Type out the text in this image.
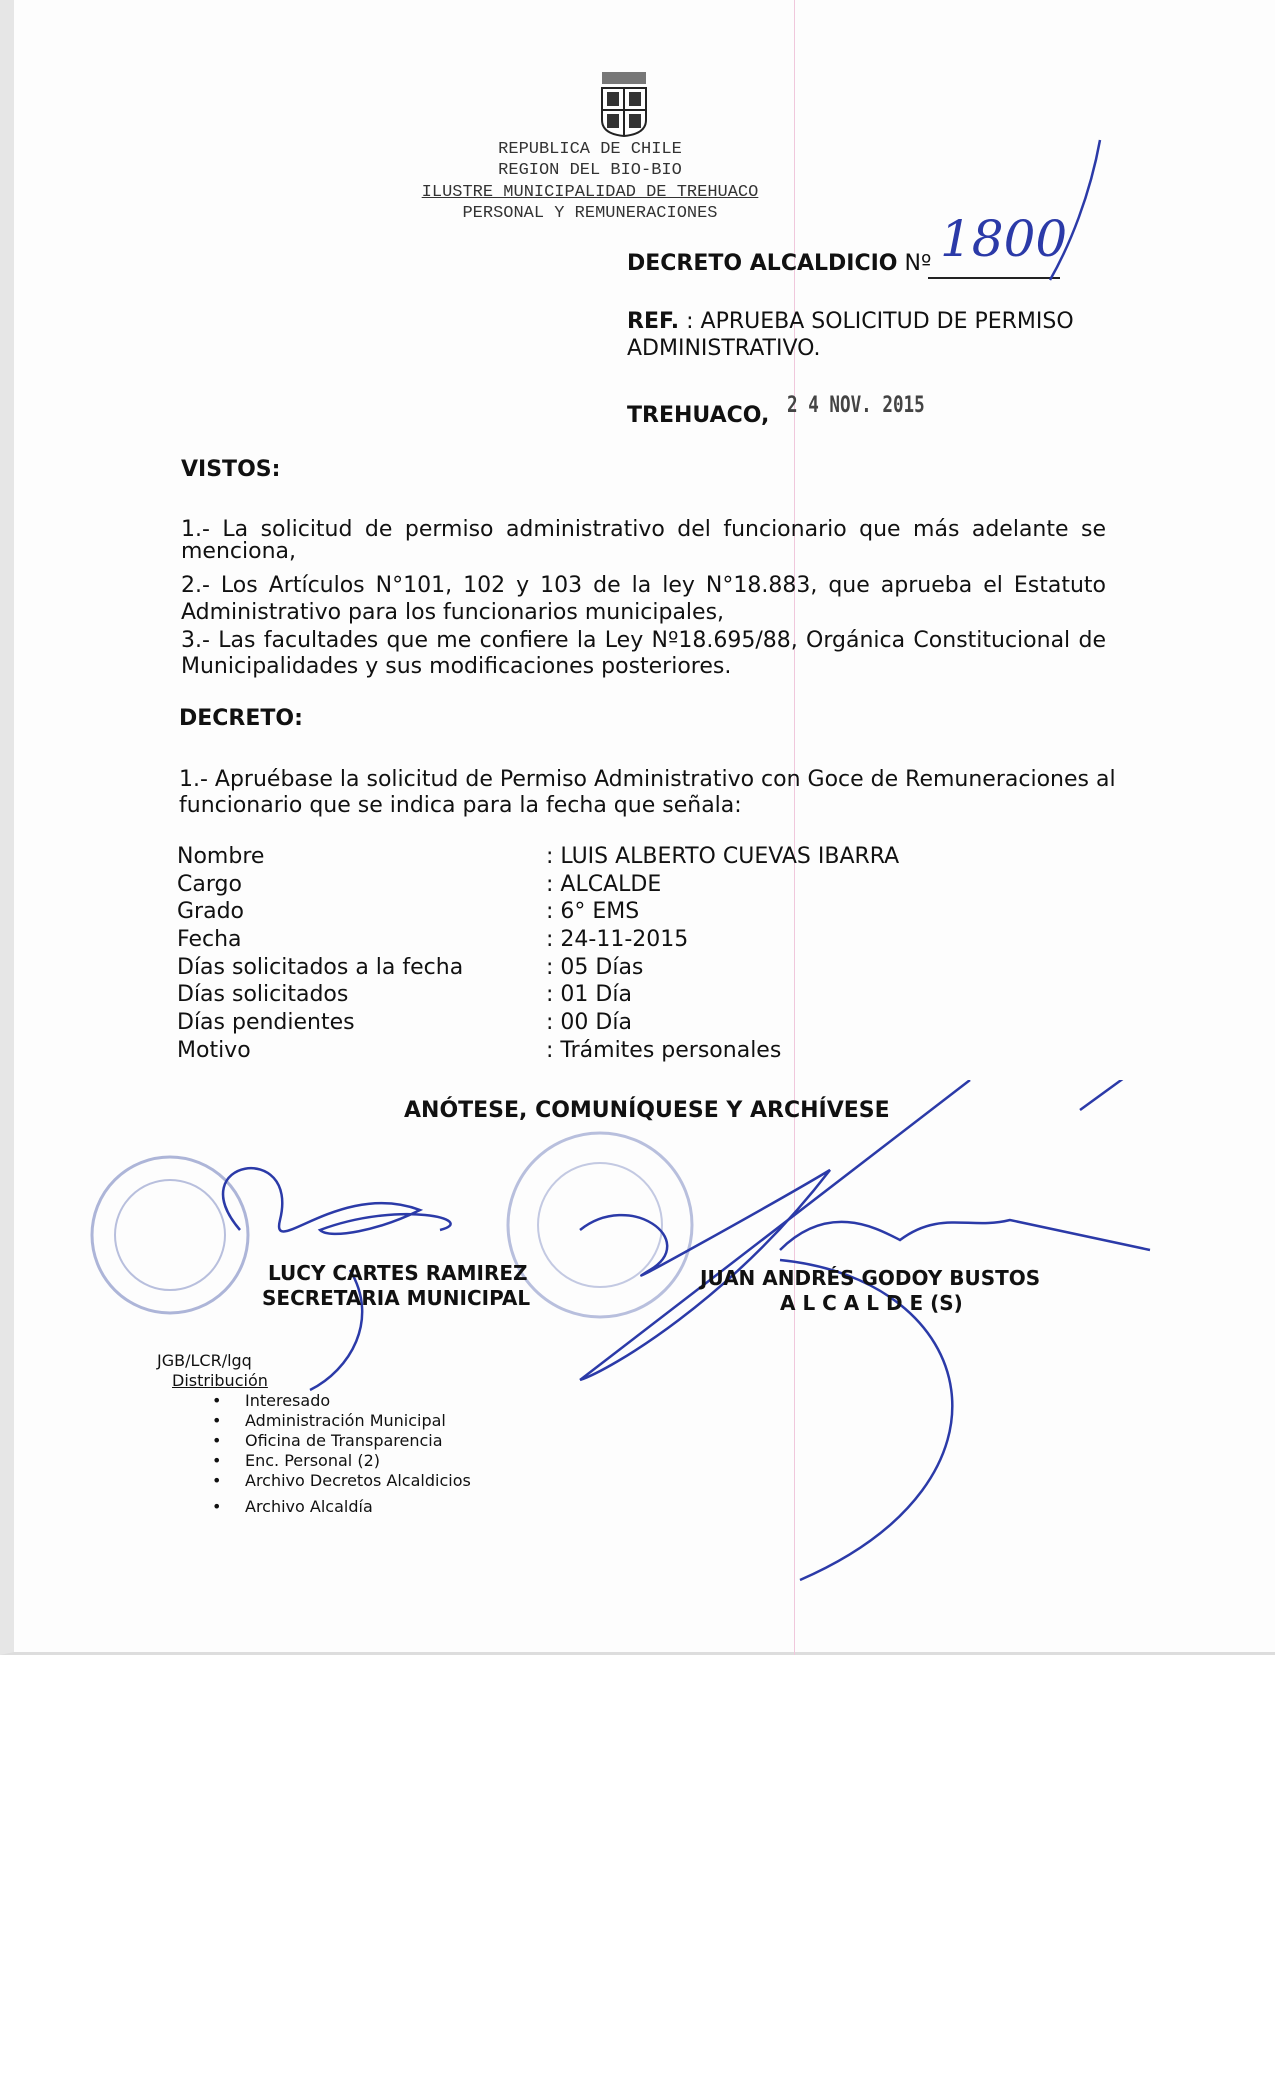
REPUBLICA DE CHILE
REGION DEL BIO-BIO
ILUSTRE MUNICIPALIDAD DE TREHUACO
PERSONAL Y REMUNERACIONES
DECRETO ALCALDICIO Nº 1800
REF. : APRUEBA SOLICITUD DE PERMISO
ADMINISTRATIVO.
TREHUACO, 2 4 NOV. 2015
VISTOS:
1.- La solicitud de permiso administrativo del funcionario que más adelante se
menciona,
2.- Los Artículos N°101, 102 y 103 de la ley N°18.883, que aprueba el Estatuto
Administrativo para los funcionarios municipales,
3.- Las facultades que me confiere la Ley Nº18.695/88, Orgánica Constitucional de
Municipalidades y sus modificaciones posteriores.
DECRETO:
1.- Apruébase la solicitud de Permiso Administrativo con Goce de Remuneraciones al
funcionario que se indica para la fecha que señala:
Nombre	: LUIS ALBERTO CUEVAS IBARRA
Cargo	: ALCALDE
Grado	: 6° EMS
Fecha	: 24-11-2015
Días solicitados a la fecha	: 05 Días
Días solicitados	: 01 Día
Días pendientes	: 00 Día
Motivo	: Trámites personales
ANÓTESE, COMUNÍQUESE Y ARCHÍVESE
LUCY CARTES RAMIREZ
SECRETARIA MUNICIPAL
JUAN ANDRÉS GODOY BUSTOS
A L C A L D E (S)
JGB/LCR/lgq
Distribución
• Interesado
• Administración Municipal
• Oficina de Transparencia
• Enc. Personal (2)
• Archivo Decretos Alcaldicios
• Archivo Alcaldía
